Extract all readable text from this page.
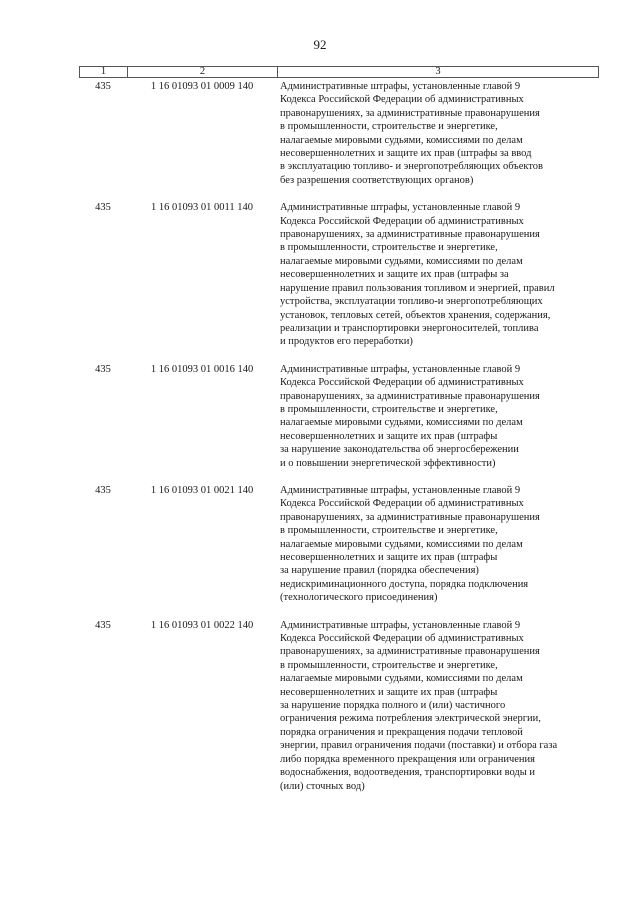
92
1	2	3
435	1 16 01093 01 0009 140	Административные штрафы, установленные главой 9
Кодекса Российской Федерации об административных
правонарушениях, за административные правонарушения
в промышленности, строительстве и энергетике,
налагаемые мировыми судьями, комиссиями по делам
несовершеннолетних и защите их прав (штрафы за ввод
в эксплуатацию топливо- и энергопотребляющих объектов
без разрешения соответствующих органов)
435	1 16 01093 01 0011 140	Административные штрафы, установленные главой 9
Кодекса Российской Федерации об административных
правонарушениях, за административные правонарушения
в промышленности, строительстве и энергетике,
налагаемые мировыми судьями, комиссиями по делам
несовершеннолетних и защите их прав (штрафы за
нарушение правил пользования топливом и энергией, правил
устройства, эксплуатации топливо-и энергопотребляющих
установок, тепловых сетей, объектов хранения, содержания,
реализации и транспортировки энергоносителей, топлива
и продуктов его переработки)
435	1 16 01093 01 0016 140	Административные штрафы, установленные главой 9
Кодекса Российской Федерации об административных
правонарушениях, за административные правонарушения
в промышленности, строительстве и энергетике,
налагаемые мировыми судьями, комиссиями по делам
несовершеннолетних и защите их прав (штрафы
за нарушение законодательства об энергосбережении
и о повышении энергетической эффективности)
435	1 16 01093 01 0021 140	Административные штрафы, установленные главой 9
Кодекса Российской Федерации об административных
правонарушениях, за административные правонарушения
в промышленности, строительстве и энергетике,
налагаемые мировыми судьями, комиссиями по делам
несовершеннолетних и защите их прав (штрафы
за нарушение правил (порядка обеспечения)
недискриминационного доступа, порядка подключения
(технологического присоединения)
435	1 16 01093 01 0022 140	Административные штрафы, установленные главой 9
Кодекса Российской Федерации об административных
правонарушениях, за административные правонарушения
в промышленности, строительстве и энергетике,
налагаемые мировыми судьями, комиссиями по делам
несовершеннолетних и защите их прав (штрафы
за нарушение порядка полного и (или) частичного
ограничения режима потребления электрической энергии,
порядка ограничения и прекращения подачи тепловой
энергии, правил ограничения подачи (поставки) и отбора газа
либо порядка временного прекращения или ограничения
водоснабжения, водоотведения, транспортировки воды и
(или) сточных вод)
